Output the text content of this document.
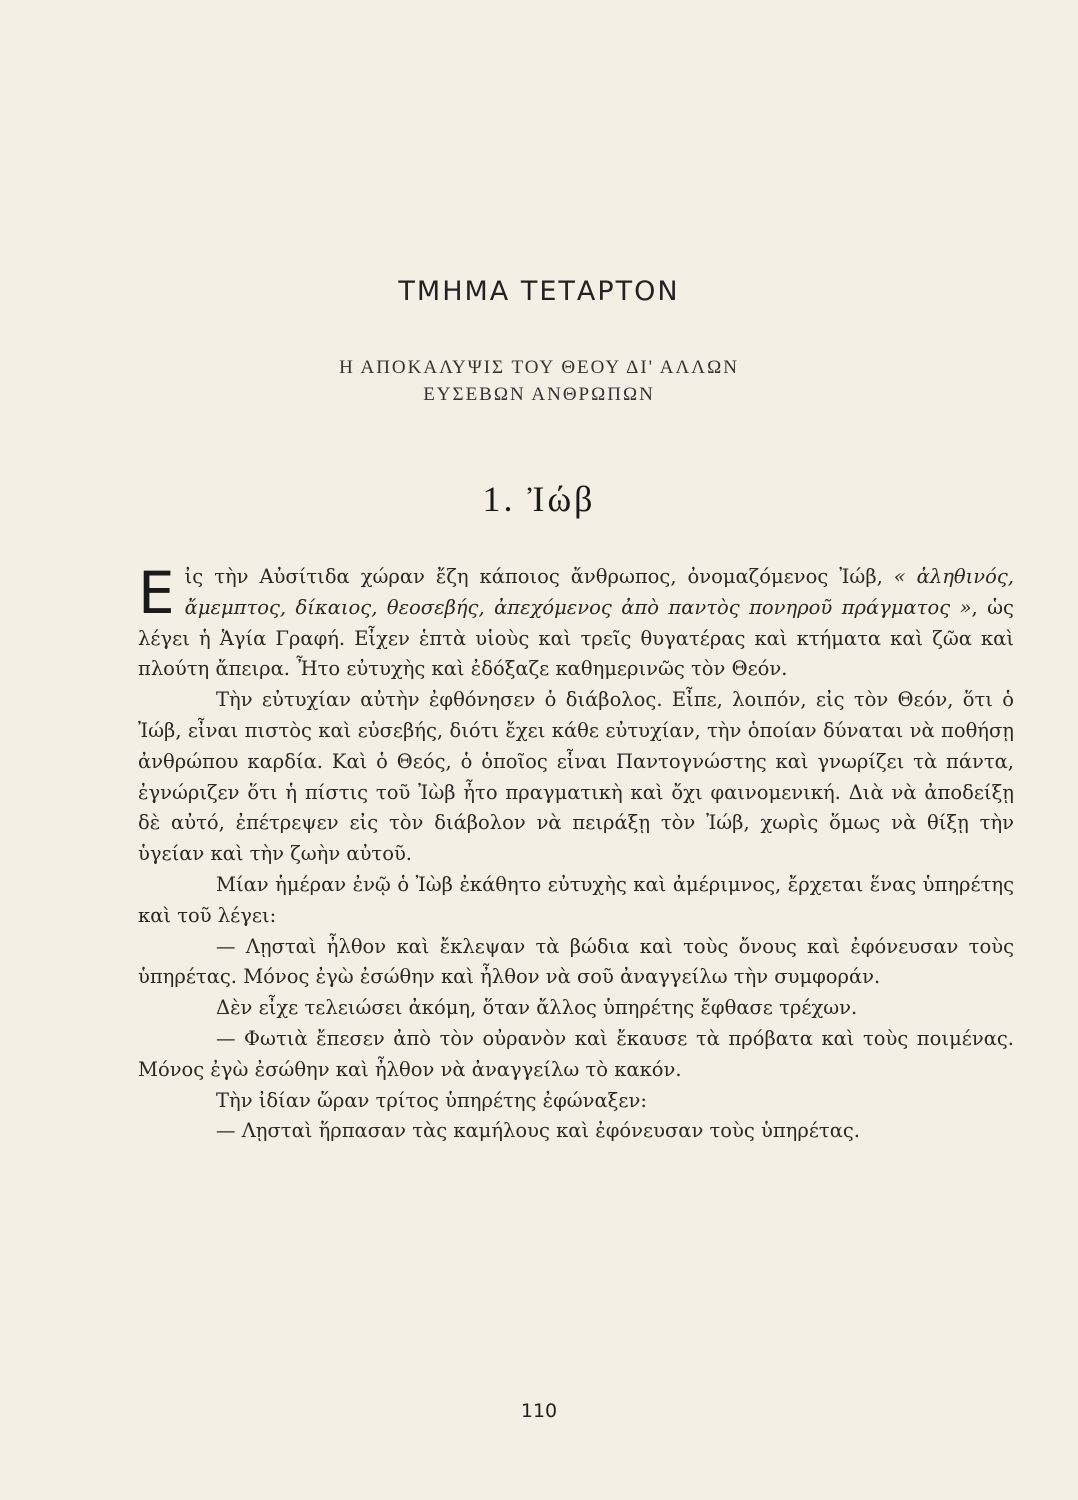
ΤΜΗΜΑ ΤΕΤΑΡΤΟΝ
Η ΑΠΟΚΑΛΥΨΙΣ ΤΟΥ ΘΕΟΥ ΔΙ' ΑΛΛΩΝ
ΕΥΣΕΒΩΝ ΑΝΘΡΩΠΩΝ
1. Ἰώβ

Εἰς τὴν Αὐσίτιδα χώραν ἔζη κάποιος ἄνθρωπος, ὀνομαζόμενος Ἰώβ, « ἀληθινός, ἄμεμπτος, δίκαιος, θεοσεβής, ἀπεχόμενος ἀπὸ παντὸς πονηροῦ πράγματος », ὡς λέγει ἡ Ἁγία Γραφή. Εἶχεν ἑπτὰ υἱοὺς καὶ τρεῖς θυγατέρας καὶ κτήματα καὶ ζῶα καὶ πλούτη ἄπειρα. Ἦτο εὐτυχὴς καὶ ἐδόξαζε καθημερινῶς τὸν Θεόν.

Τὴν εὐτυχίαν αὐτὴν ἐφθόνησεν ὁ διάβολος. Εἶπε, λοιπόν, εἰς τὸν Θεόν, ὅτι ὁ Ἰώβ, εἶναι πιστὸς καὶ εὐσεβής, διότι ἔχει κάθε εὐτυχίαν, τὴν ὁποίαν δύναται νὰ ποθήσῃ ἀνθρώπου καρδία. Καὶ ὁ Θεός, ὁ ὁποῖος εἶναι Παντογνώστης καὶ γνωρίζει τὰ πάντα, ἐγνώριζεν ὅτι ἡ πίστις τοῦ Ἰὼβ ἦτο πραγματικὴ καὶ ὄχι φαινομενική. Διὰ νὰ ἀποδείξῃ δὲ αὐτό, ἐπέτρεψεν εἰς τὸν διάβολον νὰ πειράξῃ τὸν Ἰώβ, χωρὶς ὅμως νὰ θίξῃ τὴν ὑγείαν καὶ τὴν ζωὴν αὐτοῦ.

Μίαν ἡμέραν ἐνῷ ὁ Ἰὼβ ἐκάθητο εὐτυχὴς καὶ ἀμέριμνος, ἔρχεται ἕνας ὑπηρέτης καὶ τοῦ λέγει:

— Λῃσταὶ ἦλθον καὶ ἔκλεψαν τὰ βώδια καὶ τοὺς ὄνους καὶ ἐφόνευσαν τοὺς ὑπηρέτας. Μόνος ἐγὼ ἐσώθην καὶ ἦλθον νὰ σοῦ ἀναγγείλω τὴν συμφοράν.

Δὲν εἶχε τελειώσει ἀκόμη, ὅταν ἄλλος ὑπηρέτης ἔφθασε τρέχων.

— Φωτιὰ ἔπεσεν ἀπὸ τὸν οὐρανὸν καὶ ἔκαυσε τὰ πρόβατα καὶ τοὺς ποιμένας. Μόνος ἐγὼ ἐσώθην καὶ ἦλθον νὰ ἀναγγείλω τὸ κακόν.

Τὴν ἰδίαν ὥραν τρίτος ὑπηρέτης ἐφώναξεν:

— Λῃσταὶ ἥρπασαν τὰς καμήλους καὶ ἐφόνευσαν τοὺς ὑπηρέτας.

110
